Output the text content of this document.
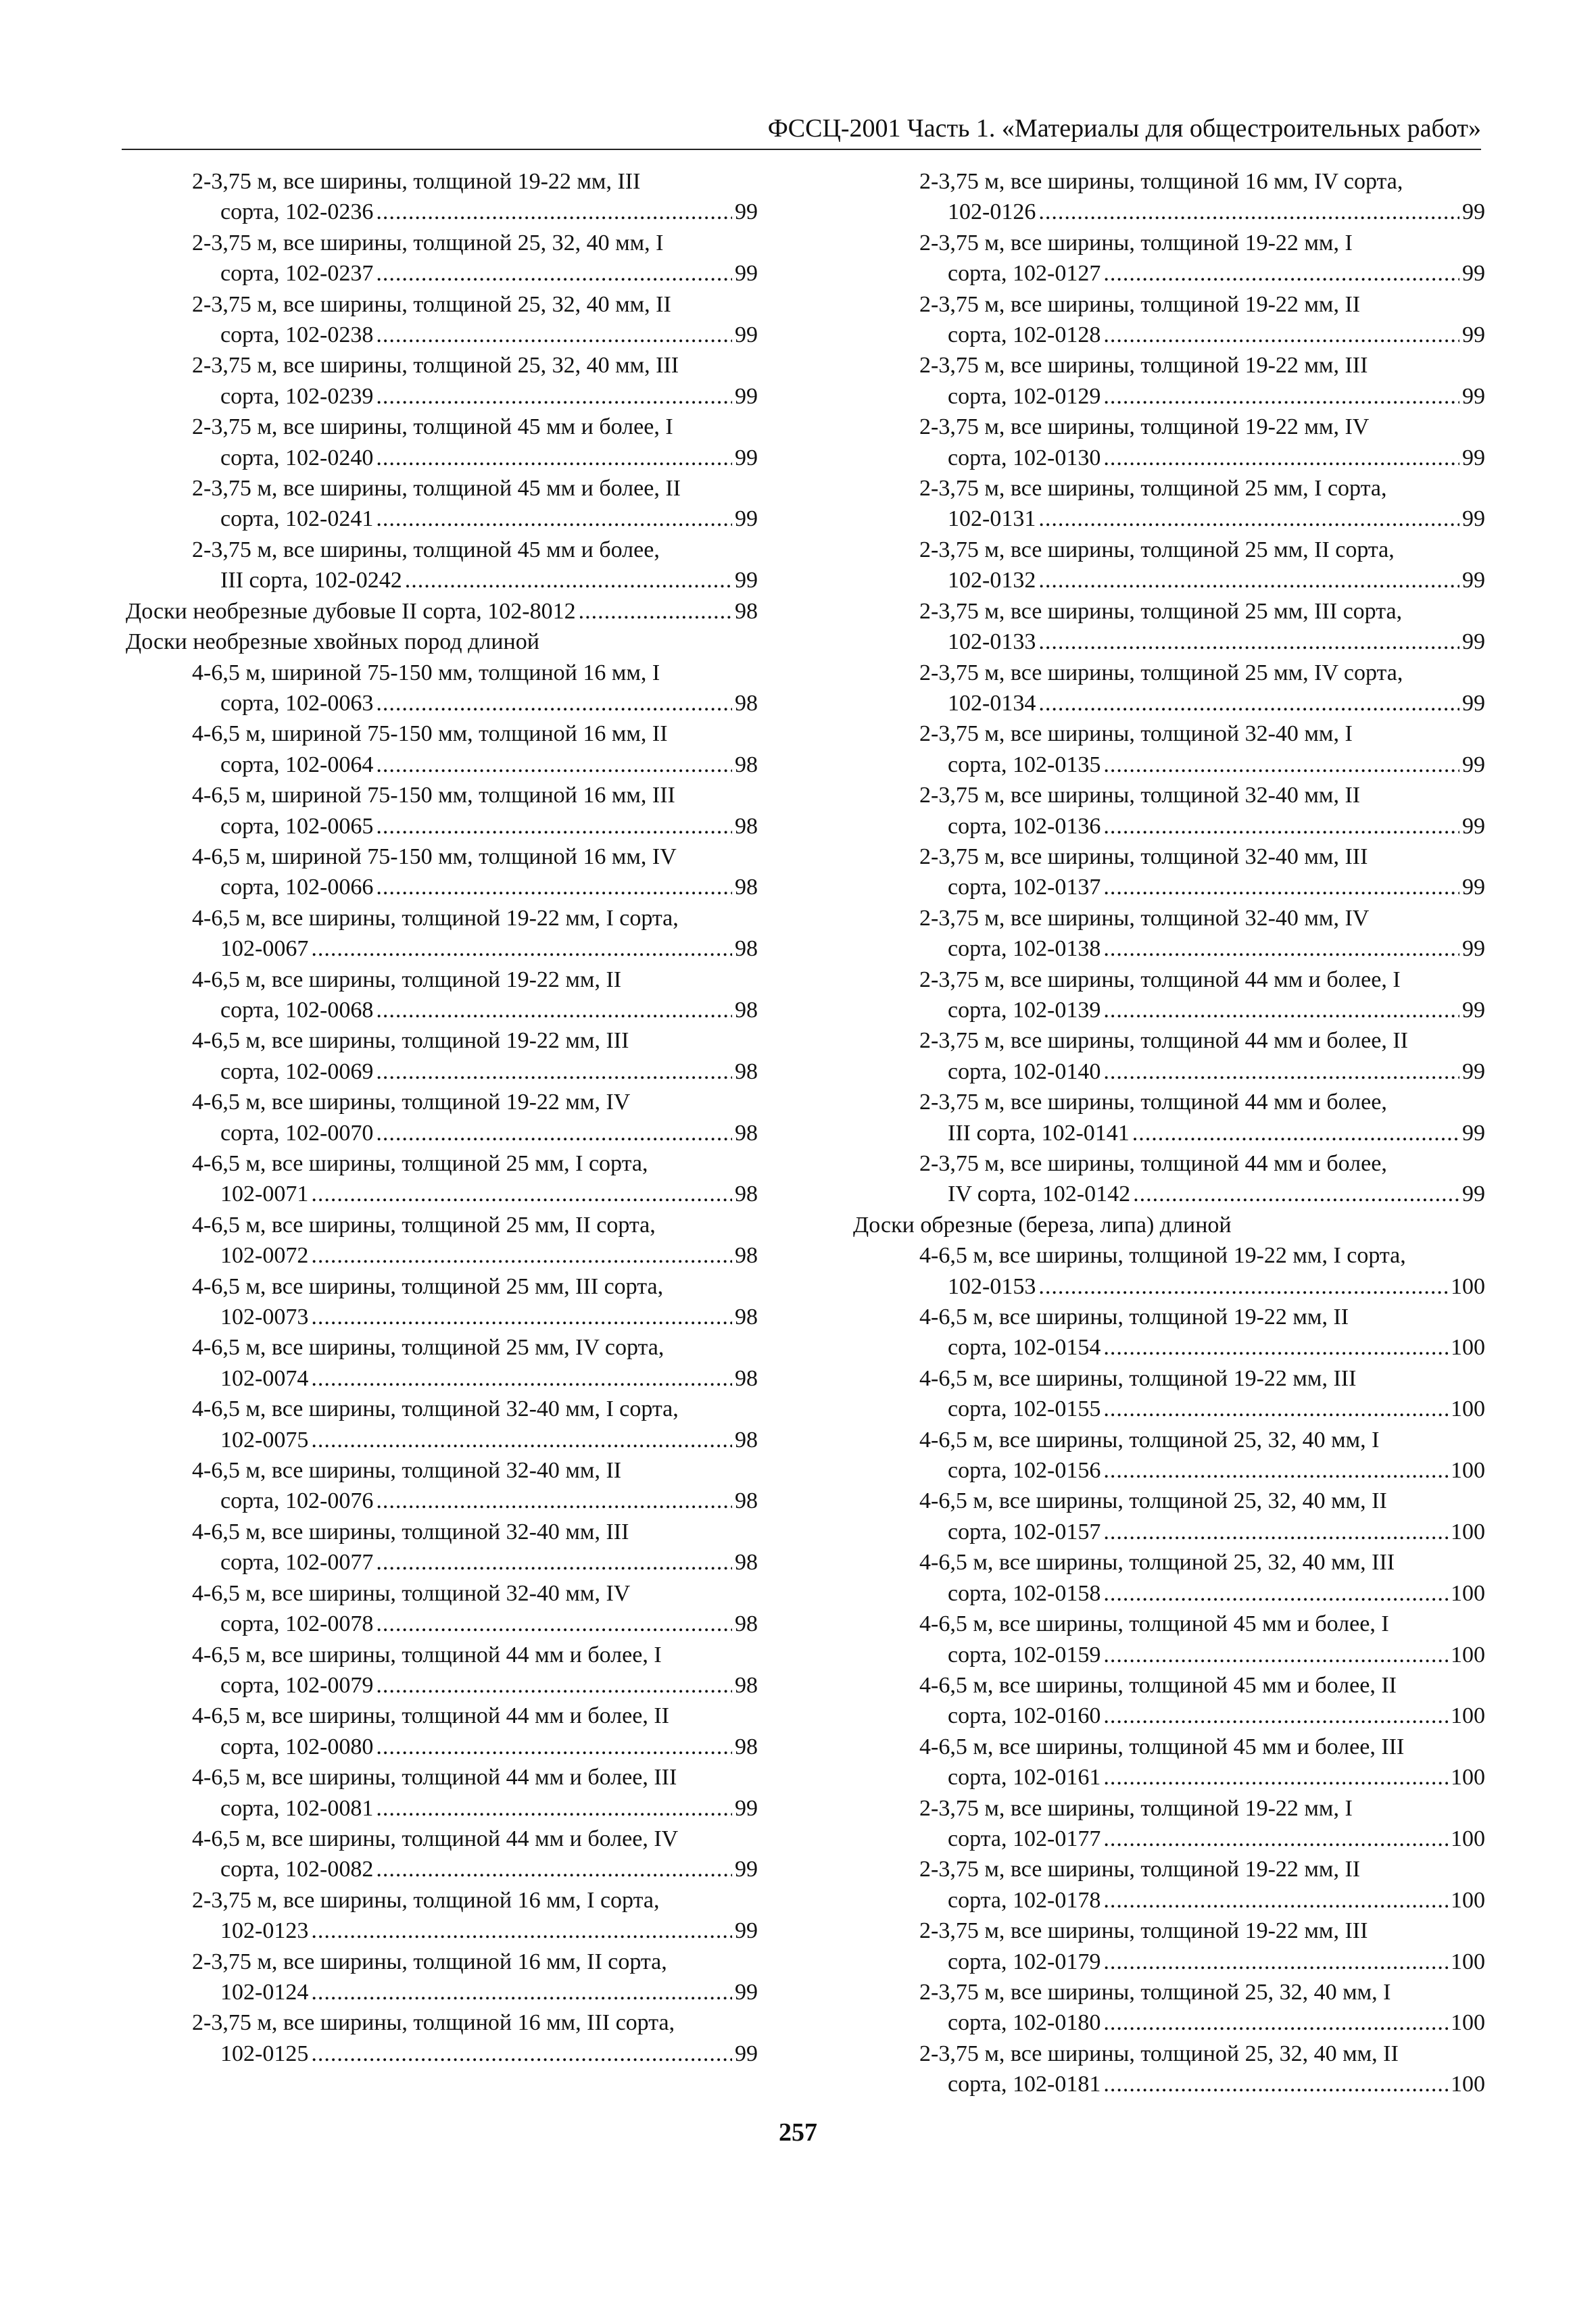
ФССЦ-2001 Часть 1. «Материалы для общестроительных работ»
2-3,75 м, все ширины, толщиной 19-22 мм, III
сорта, 102-0236 .....	99
2-3,75 м, все ширины, толщиной 25, 32, 40 мм, I
сорта, 102-0237 .....	99
2-3,75 м, все ширины, толщиной 25, 32, 40 мм, II
сорта, 102-0238 .....	99
2-3,75 м, все ширины, толщиной 25, 32, 40 мм, III
сорта, 102-0239 .....	99
2-3,75 м, все ширины, толщиной 45 мм и более, I
сорта, 102-0240 .....	99
2-3,75 м, все ширины, толщиной 45 мм и более, II
сорта, 102-0241 .....	99
2-3,75 м, все ширины, толщиной 45 мм и более,
III сорта, 102-0242 .....	99
Доски необрезные дубовые II сорта, 102-8012 .....	98
Доски необрезные хвойных пород длиной
4-6,5 м, шириной 75-150 мм, толщиной 16 мм, I
сорта, 102-0063 .....	98
4-6,5 м, шириной 75-150 мм, толщиной 16 мм, II
сорта, 102-0064 .....	98
4-6,5 м, шириной 75-150 мм, толщиной 16 мм, III
сорта, 102-0065 .....	98
4-6,5 м, шириной 75-150 мм, толщиной 16 мм, IV
сорта, 102-0066 .....	98
4-6,5 м, все ширины, толщиной 19-22 мм, I сорта,
102-0067 .....	98
4-6,5 м, все ширины, толщиной 19-22 мм, II
сорта, 102-0068 .....	98
4-6,5 м, все ширины, толщиной 19-22 мм, III
сорта, 102-0069 .....	98
4-6,5 м, все ширины, толщиной 19-22 мм, IV
сорта, 102-0070 .....	98
4-6,5 м, все ширины, толщиной 25 мм, I сорта,
102-0071 .....	98
4-6,5 м, все ширины, толщиной 25 мм, II сорта,
102-0072 .....	98
4-6,5 м, все ширины, толщиной 25 мм, III сорта,
102-0073 .....	98
4-6,5 м, все ширины, толщиной 25 мм, IV сорта,
102-0074 .....	98
4-6,5 м, все ширины, толщиной 32-40 мм, I сорта,
102-0075 .....	98
4-6,5 м, все ширины, толщиной 32-40 мм, II
сорта, 102-0076 .....	98
4-6,5 м, все ширины, толщиной 32-40 мм, III
сорта, 102-0077 .....	98
4-6,5 м, все ширины, толщиной 32-40 мм, IV
сорта, 102-0078 .....	98
4-6,5 м, все ширины, толщиной 44 мм и более, I
сорта, 102-0079 .....	98
4-6,5 м, все ширины, толщиной 44 мм и более, II
сорта, 102-0080 .....	98
4-6,5 м, все ширины, толщиной 44 мм и более, III
сорта, 102-0081 .....	99
4-6,5 м, все ширины, толщиной 44 мм и более, IV
сорта, 102-0082 .....	99
2-3,75 м, все ширины, толщиной 16 мм, I сорта,
102-0123 .....	99
2-3,75 м, все ширины, толщиной 16 мм, II сорта,
102-0124 .....	99
2-3,75 м, все ширины, толщиной 16 мм, III сорта,
102-0125 .....	99
2-3,75 м, все ширины, толщиной 16 мм, IV сорта,
102-0126 .....	99
2-3,75 м, все ширины, толщиной 19-22 мм, I
сорта, 102-0127 .....	99
2-3,75 м, все ширины, толщиной 19-22 мм, II
сорта, 102-0128 .....	99
2-3,75 м, все ширины, толщиной 19-22 мм, III
сорта, 102-0129 .....	99
2-3,75 м, все ширины, толщиной 19-22 мм, IV
сорта, 102-0130 .....	99
2-3,75 м, все ширины, толщиной 25 мм, I сорта,
102-0131 .....	99
2-3,75 м, все ширины, толщиной 25 мм, II сорта,
102-0132 .....	99
2-3,75 м, все ширины, толщиной 25 мм, III сорта,
102-0133 .....	99
2-3,75 м, все ширины, толщиной 25 мм, IV сорта,
102-0134 .....	99
2-3,75 м, все ширины, толщиной 32-40 мм, I
сорта, 102-0135 .....	99
2-3,75 м, все ширины, толщиной 32-40 мм, II
сорта, 102-0136 .....	99
2-3,75 м, все ширины, толщиной 32-40 мм, III
сорта, 102-0137 .....	99
2-3,75 м, все ширины, толщиной 32-40 мм, IV
сорта, 102-0138 .....	99
2-3,75 м, все ширины, толщиной 44 мм и более, I
сорта, 102-0139 .....	99
2-3,75 м, все ширины, толщиной 44 мм и более, II
сорта, 102-0140 .....	99
2-3,75 м, все ширины, толщиной 44 мм и более,
III сорта, 102-0141 .....	99
2-3,75 м, все ширины, толщиной 44 мм и более,
IV сорта, 102-0142 .....	99
Доски обрезные (береза, липа) длиной
4-6,5 м, все ширины, толщиной 19-22 мм, I сорта,
102-0153 .....	100
4-6,5 м, все ширины, толщиной 19-22 мм, II
сорта, 102-0154 .....	100
4-6,5 м, все ширины, толщиной 19-22 мм, III
сорта, 102-0155 .....	100
4-6,5 м, все ширины, толщиной 25, 32, 40 мм, I
сорта, 102-0156 .....	100
4-6,5 м, все ширины, толщиной 25, 32, 40 мм, II
сорта, 102-0157 .....	100
4-6,5 м, все ширины, толщиной 25, 32, 40 мм, III
сорта, 102-0158 .....	100
4-6,5 м, все ширины, толщиной 45 мм и более, I
сорта, 102-0159 .....	100
4-6,5 м, все ширины, толщиной 45 мм и более, II
сорта, 102-0160 .....	100
4-6,5 м, все ширины, толщиной 45 мм и более, III
сорта, 102-0161 .....	100
2-3,75 м, все ширины, толщиной 19-22 мм, I
сорта, 102-0177 .....	100
2-3,75 м, все ширины, толщиной 19-22 мм, II
сорта, 102-0178 .....	100
2-3,75 м, все ширины, толщиной 19-22 мм, III
сорта, 102-0179 .....	100
2-3,75 м, все ширины, толщиной 25, 32, 40 мм, I
сорта, 102-0180 .....	100
2-3,75 м, все ширины, толщиной 25, 32, 40 мм, II
сорта, 102-0181 .....	100
257
